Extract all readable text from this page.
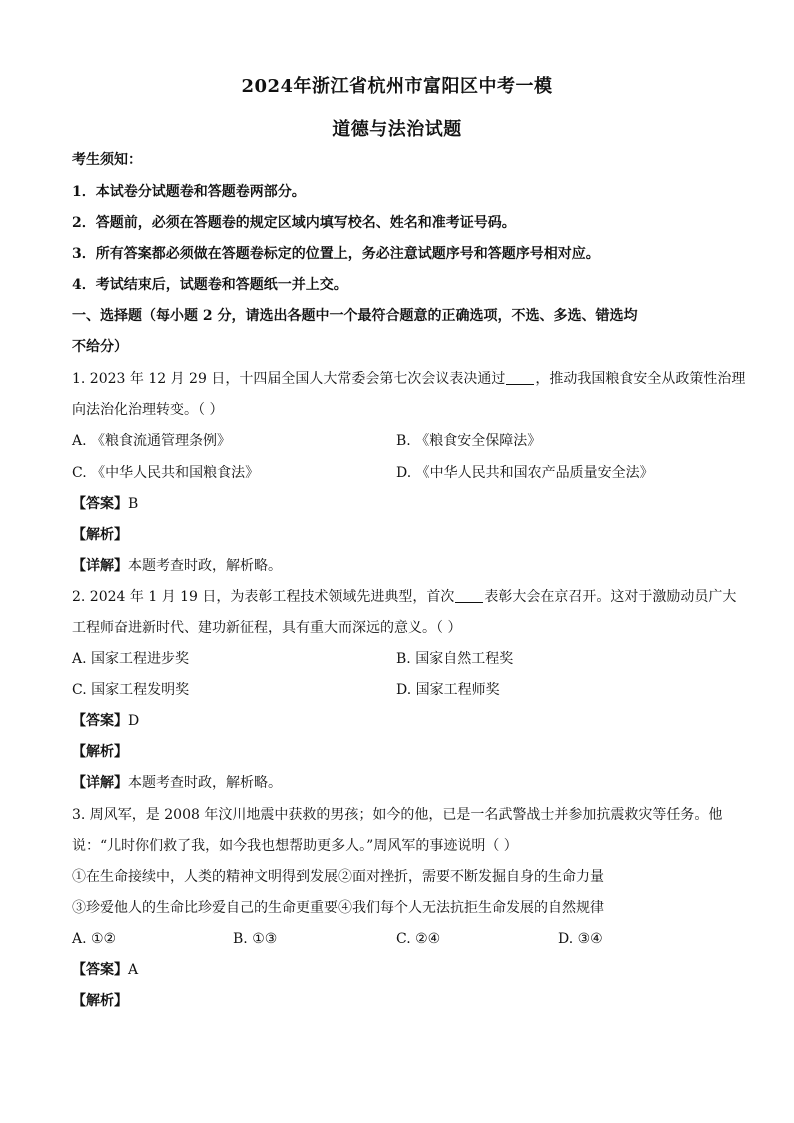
2024年浙江省杭州市富阳区中考一模
道德与法治试题
考生须知：
1．本试卷分试题卷和答题卷两部分。
2．答题前，必须在答题卷的规定区域内填写校名、姓名和准考证号码。
3．所有答案都必须做在答题卷标定的位置上，务必注意试题序号和答题序号相对应。
4．考试结束后，试题卷和答题纸一并上交。
一、选择题（每小题 2 分，请选出各题中一个最符合题意的正确选项，不选、多选、错选均
不给分）
1. 2023 年 12 月 29 日，十四届全国人大常委会第七次会议表决通过 ，推动我国粮食安全从政策性治理
向法治化治理转变。（ ）
A. 《粮食流通管理条例》	B. 《粮食安全保障法》
C. 《中华人民共和国粮食法》	D. 《中华人民共和国农产品质量安全法》
【答案】B
【解析】
【详解】本题考查时政，解析略。
2. 2024 年 1 月 19 日，为表彰工程技术领域先进典型，首次 表彰大会在京召开。这对于激励动员广大
工程师奋进新时代、建功新征程，具有重大而深远的意义。（ ）
A. 国家工程进步奖	B. 国家自然工程奖
C. 国家工程发明奖	D. 国家工程师奖
【答案】D
【解析】
【详解】本题考查时政，解析略。
3. 周风军，是 2008 年汶川地震中获救的男孩；如今的他，已是一名武警战士并参加抗震救灾等任务。他
说：“儿时你们救了我，如今我也想帮助更多人。”周风军的事迹说明（ ）
①在生命接续中，人类的精神文明得到发展②面对挫折，需要不断发掘自身的生命力量
③珍爱他人的生命比珍爱自己的生命更重要④我们每个人无法抗拒生命发展的自然规律
A. ①②	B. ①③	C. ②④	D. ③④
【答案】A
【解析】
